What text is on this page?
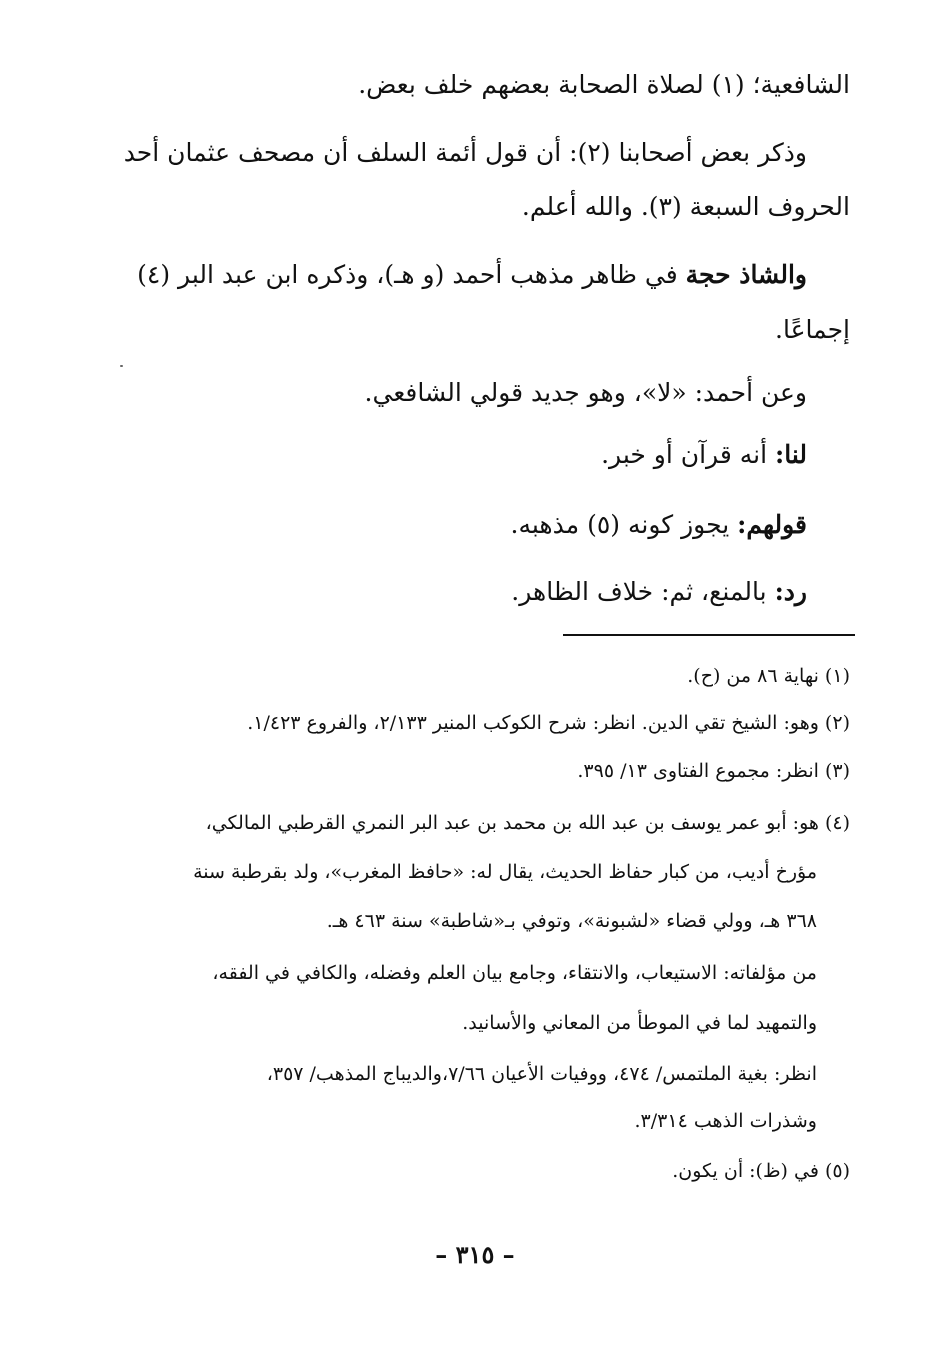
الشافعية؛ (١) لصلاة الصحابة بعضهم خلف بعض.
وذكر بعض أصحابنا (٢): أن قول أئمة السلف أن مصحف عثمان أحد
الحروف السبعة (٣). والله أعلم.
والشاذ حجة في ظاهر مذهب أحمد (و هـ)، وذكره ابن عبد البر (٤)
إجماعًا.
وعن أحمد: «لا»، وهو جديد قولي الشافعي.
لنا: أنه قرآن أو خبر.
قولهم: يجوز كونه (٥) مذهبه.
رد: بالمنع، ثم: خلاف الظاهر.
(١) نهاية ٨٦ من (ح).
(٢) وهو: الشيخ تقي الدين. انظر: شرح الكوكب المنير ٢/١٣٣، والفروع ١/٤٢٣.
(٣) انظر: مجموع الفتاوى ١٣/ ٣٩٥.
(٤) هو: أبو عمر يوسف بن عبد الله بن محمد بن عبد البر النمري القرطبي المالكي،
مؤرخ أديب، من كبار حفاظ الحديث، يقال له: «حافظ المغرب»، ولد بقرطبة سنة
٣٦٨ هـ، وولي قضاء «لشبونة»، وتوفي بـ«شاطبة» سنة ٤٦٣ هـ.
من مؤلفاته: الاستيعاب، والانتقاء، وجامع بيان العلم وفضله، والكافي في الفقه،
والتمهيد لما في الموطأ من المعاني والأسانيد.
انظر: بغية الملتمس/ ٤٧٤، ووفيات الأعيان ٧/٦٦،والديباج المذهب/ ٣٥٧،
وشذرات الذهب ٣/٣١٤.
(٥) في (ظ): أن يكون.
– ٣١٥ –
